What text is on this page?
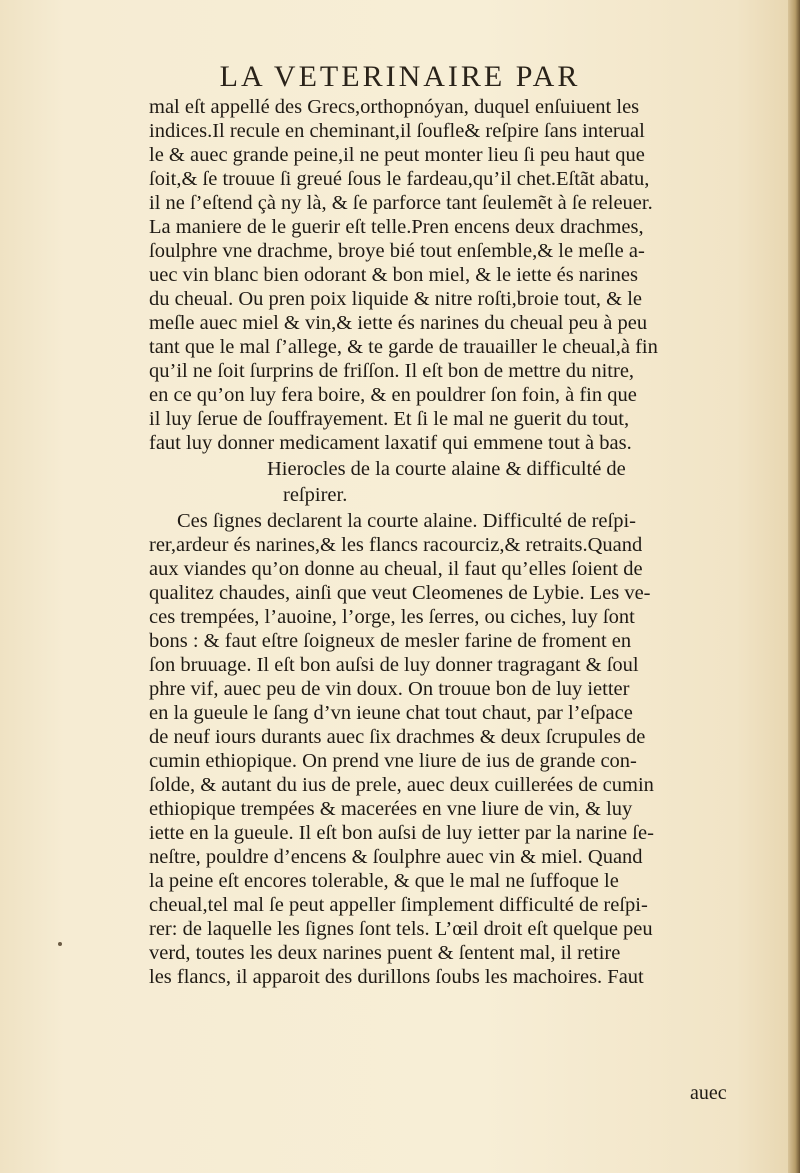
LA VETERINAIRE PAR
mal eſt appellé des Grecs,orthopnóyan, duquel enſuiuent les
indices.Il recule en cheminant,il ſoufle& reſpire ſans interual
le & auec grande peine,il ne peut monter lieu ſi peu haut que
ſoit,& ſe trouue ſi greué ſous le fardeau,qu’il chet.Eſtãt abatu,
il ne ſ’eſtend çà ny là, & ſe parforce tant ſeulemẽt à ſe releuer.
La maniere de le guerir eſt telle.Pren encens deux drachmes,
ſoulphre vne drachme, broye bié tout enſemble,& le meſle a-
uec vin blanc bien odorant & bon miel, & le iette és narines
du cheual. Ou pren poix liquide & nitre roſti,broie tout, & le
meſle auec miel & vin,& iette és narines du cheual peu à peu
tant que le mal ſ’allege, & te garde de trauailler le cheual,à fin
qu’il ne ſoit ſurprins de friſſon. Il eſt bon de mettre du nitre,
en ce qu’on luy fera boire, & en pouldrer ſon foin, à fin que
il luy ſerue de ſouffrayement. Et ſi le mal ne guerit du tout,
faut luy donner medicament laxatif qui emmene tout à bas.
Hierocles de la courte alaine & difficulté de
reſpirer.
Ces ſignes declarent la courte alaine. Difficulté de reſpi-
rer,ardeur és narines,& les flancs racourciz,& retraits.Quand
aux viandes qu’on donne au cheual, il faut qu’elles ſoient de
qualitez chaudes, ainſi que veut Cleomenes de Lybie. Les ve-
ces trempées, l’auoine, l’orge, les ſerres, ou ciches, luy ſont
bons : & faut eſtre ſoigneux de mesler farine de froment en
ſon bruuage. Il eſt bon auſsi de luy donner tragragant & ſoul
phre vif, auec peu de vin doux. On trouue bon de luy ietter
en la gueule le ſang d’vn ieune chat tout chaut, par l’eſpace
de neuf iours durants auec ſix drachmes & deux ſcrupules de
cumin ethiopique. On prend vne liure de ius de grande con-
ſolde, & autant du ius de prele, auec deux cuillerées de cumin
ethiopique trempées & macerées en vne liure de vin, & luy
iette en la gueule. Il eſt bon auſsi de luy ietter par la narine ſe-
neſtre, pouldre d’encens & ſoulphre auec vin & miel. Quand
la peine eſt encores tolerable, & que le mal ne ſuffoque le
cheual,tel mal ſe peut appeller ſimplement difficulté de reſpi-
rer: de laquelle les ſignes ſont tels. L’œil droit eſt quelque peu
verd, toutes les deux narines puent & ſentent mal, il retire
les flancs, il apparoit des durillons ſoubs les machoires. Faut
auec
